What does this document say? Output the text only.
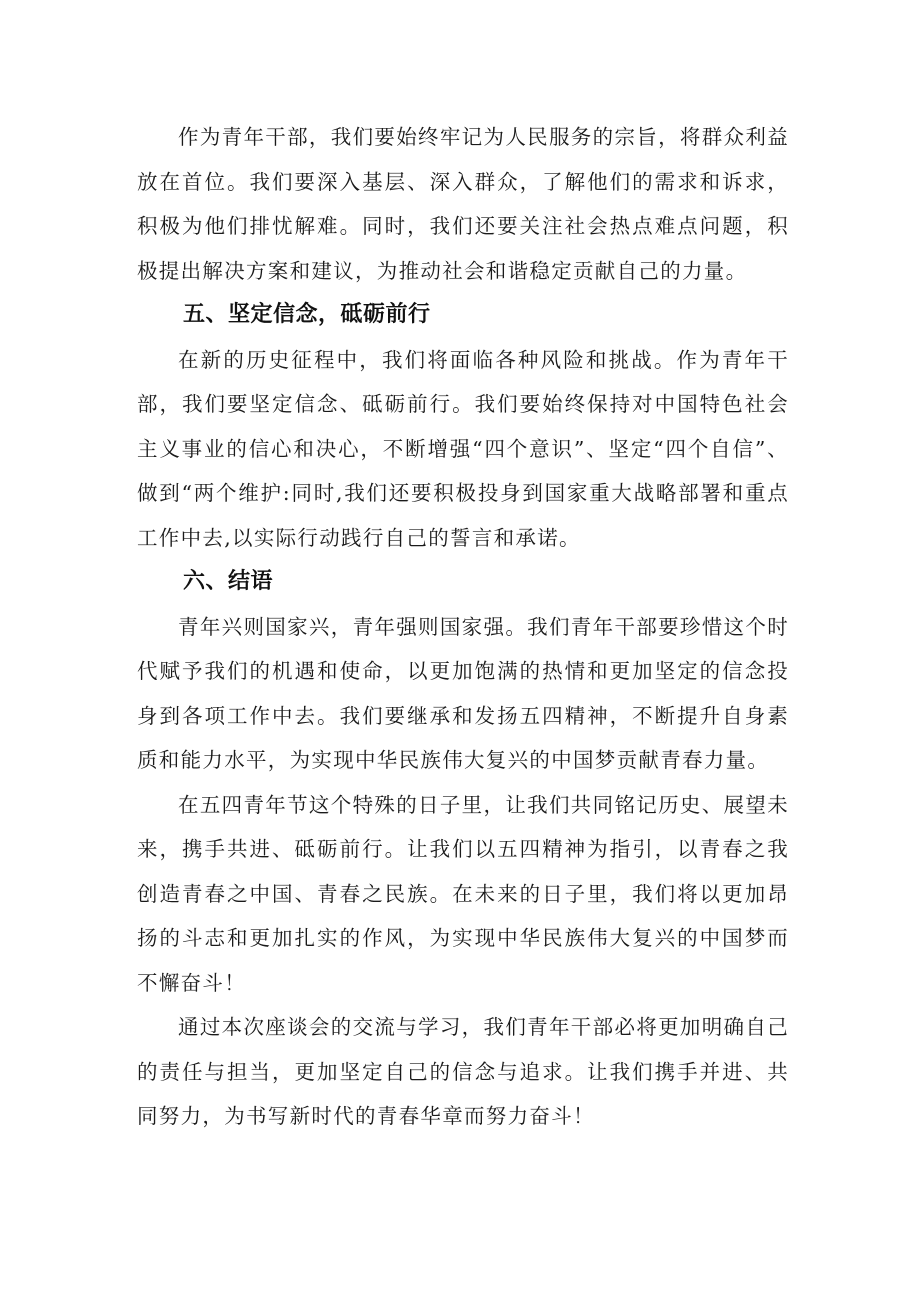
作为青年干部，我们要始终牢记为人民服务的宗旨，将群众利益放在首位。我们要深入基层、深入群众，了解他们的需求和诉求，积极为他们排忧解难。同时，我们还要关注社会热点难点问题，积极提出解决方案和建议，为推动社会和谐稳定贡献自己的力量。

五、坚定信念，砥砺前行

在新的历史征程中，我们将面临各种风险和挑战。作为青年干部，我们要坚定信念、砥砺前行。我们要始终保持对中国特色社会主义事业的信心和决心，不断增强“四个意识”、坚定“四个自信”、做到“两个维护:同时,我们还要积极投身到国家重大战略部署和重点工作中去,以实际行动践行自己的誓言和承诺。

六、结语

青年兴则国家兴，青年强则国家强。我们青年干部要珍惜这个时代赋予我们的机遇和使命，以更加饱满的热情和更加坚定的信念投身到各项工作中去。我们要继承和发扬五四精神，不断提升自身素质和能力水平，为实现中华民族伟大复兴的中国梦贡献青春力量。

在五四青年节这个特殊的日子里，让我们共同铭记历史、展望未来，携手共进、砥砺前行。让我们以五四精神为指引，以青春之我创造青春之中国、青春之民族。在未来的日子里，我们将以更加昂扬的斗志和更加扎实的作风，为实现中华民族伟大复兴的中国梦而不懈奋斗！

通过本次座谈会的交流与学习，我们青年干部必将更加明确自己的责任与担当，更加坚定自己的信念与追求。让我们携手并进、共同努力，为书写新时代的青春华章而努力奋斗！
